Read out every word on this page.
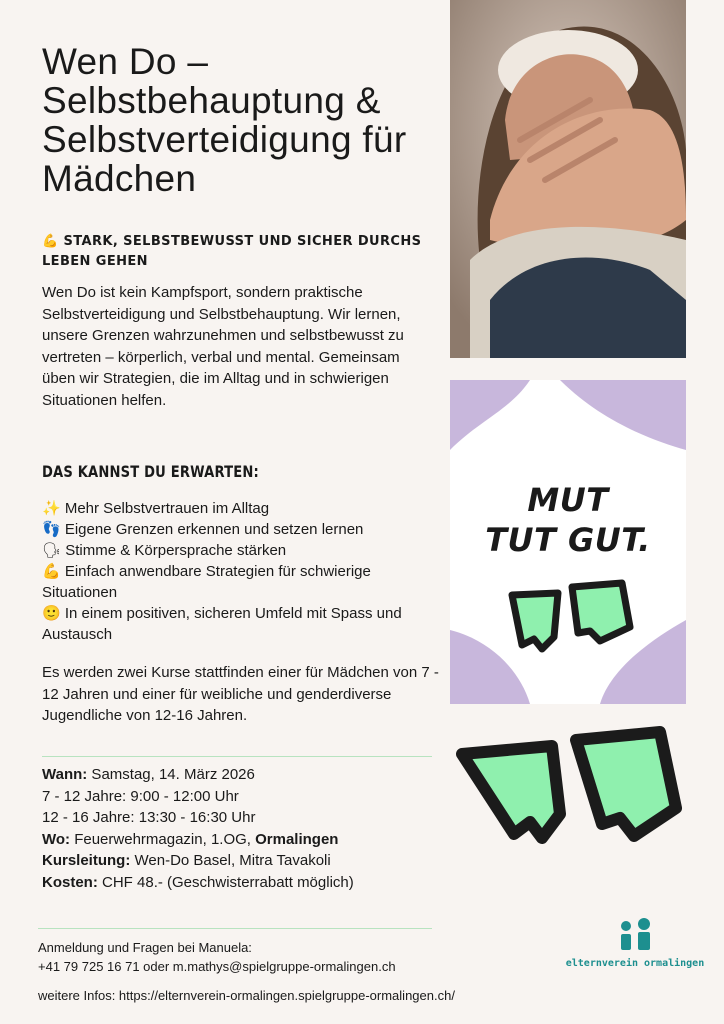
Wen Do – Selbstbehauptung & Selbstverteidigung für Mädchen
💪 STARK, SELBSTBEWUSST UND SICHER DURCHS LEBEN GEHEN
Wen Do ist kein Kampfsport, sondern praktische Selbstverteidigung und Selbstbehauptung. Wir lernen, unsere Grenzen wahrzunehmen und selbstbewusst zu vertreten – körperlich, verbal und mental. Gemeinsam üben wir Strategien, die im Alltag und in schwierigen Situationen helfen.
DAS KANNST DU ERWARTEN:
✨ Mehr Selbstvertrauen im Alltag
👣 Eigene Grenzen erkennen und setzen lernen
🗣 Stimme & Körpersprache stärken
💪 Einfach anwendbare Strategien für schwierige Situationen
🙂 In einem positiven, sicheren Umfeld mit Spass und Austausch
Es werden zwei Kurse stattfinden einer für Mädchen von 7 - 12 Jahren und einer für weibliche und genderdiverse Jugendliche von 12-16 Jahren.
Wann: Samstag, 14. März 2026
7 - 12 Jahre: 9:00 - 12:00 Uhr
12 - 16 Jahre: 13:30 - 16:30 Uhr
Wo: Feuerwehrmagazin, 1.OG, Ormalingen
Kursleitung: Wen-Do Basel, Mitra Tavakoli
Kosten: CHF 48.- (Geschwisterrabatt möglich)
Anmeldung und Fragen bei Manuela:
+41 79 725 16 71 oder m.mathys@spielgruppe-ormalingen.ch
weitere Infos: https://elternverein-ormalingen.spielgruppe-ormalingen.ch/
MUT
TUT GUT.
elternverein ormalingen
